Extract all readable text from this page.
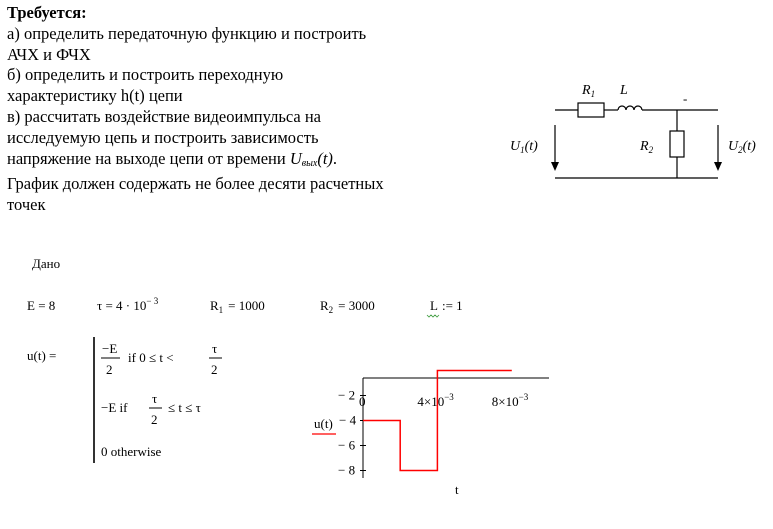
Требуется:
а) определить передаточную функцию и построить
АЧХ и ФЧХ
б) определить и построить переходную
характеристику h(t) цепи
в) рассчитать воздействие видеоимпульса на
исследуемую цепь и построить зависимость
напряжение на выходе цепи от времени $U_{вых}(t)$.
График должен содержать не более десяти расчетных
точек
$R_1$ L
-
$R_2$
$U_1(t)$	$U_2(t)$
Дано
E = 8	$\tau = 4 \cdot 10^{- 3}$	$R_1 = 1000$	$R_2 = 3000$	L := 1
u(t) =	−E
2
if 0 ≤ t <
τ
2
−E if
τ
2
≤ t ≤ τ
0 otherwise
0	$4\times 10^{-3}$	$8\times 10^{-3}$
− 2
− 6
− 8
− 4
u(t)
t
